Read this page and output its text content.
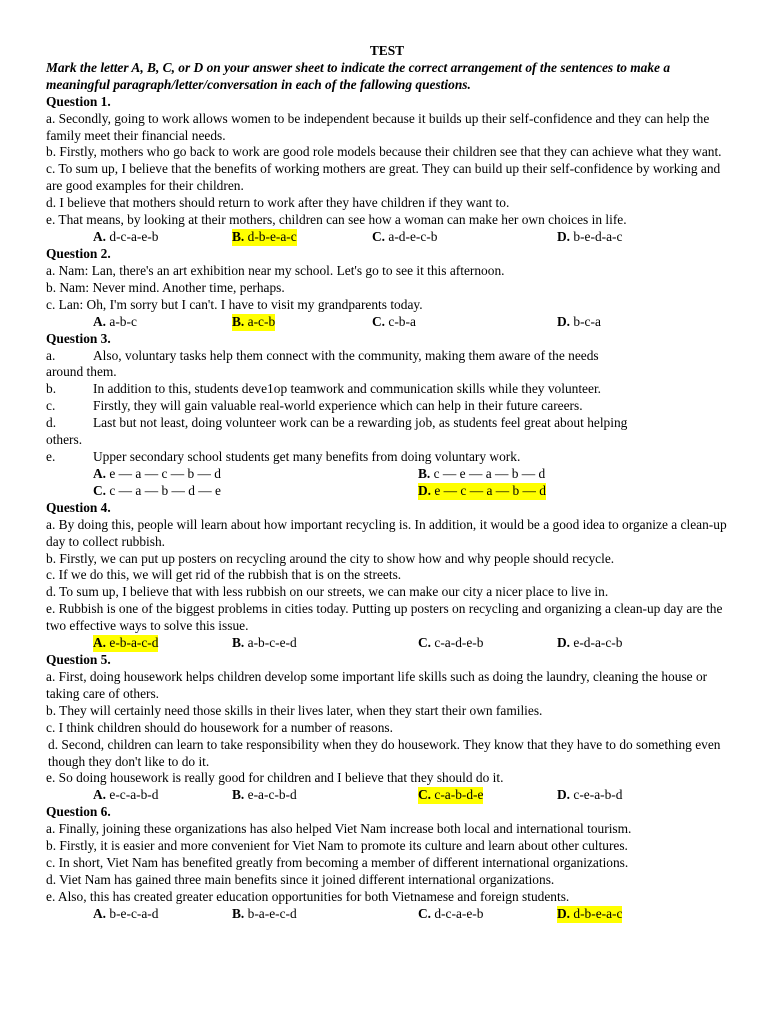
TEST

Mark the letter A, B, C, or D on your answer sheet to indicate the correct arrangement of the sentences to make a meaningful paragraph/letter/conversation in each of the fallowing questions.

Question 1.

a. Secondly, going to work allows women to be independent because it builds up their self-confidence and they can help the family meet their financial needs.

b. Firstly, mothers who go back to work are good role models because their children see that they can achieve what they want.

c. To sum up, I believe that the benefits of working mothers are great. They can build up their self-confidence by working and are good examples for their children.

d. I believe that mothers should return to work after they have children if they want to.

e. That means, by looking at their mothers, children can see how a woman can make her own choices in life.

A. d-c-a-e-b	B. d-b-e-a-c	C. a-d-e-c-b	D. b-e-d-a-c

Question 2.

a. Nam: Lan, there's an art exhibition near my school. Let's go to see it this afternoon.

b. Nam: Never mind. Another time, perhaps.

c. Lan: Oh, I'm sorry but I can't. I have to visit my grandparents today.

A. a-b-c	B. a-c-b	C. c-b-a	D. b-c-a

Question 3.

a.	Also, voluntary tasks help them connect with the community, making them aware of the needs

around them.

b.	In addition to this, students deve1op teamwork and communication skills while they volunteer.

c.	Firstly, they will gain valuable real-world experience which can help in their future careers.

d.	Last but not least, doing volunteer work can be a rewarding job, as students feel great about helping

others.

e.	Upper secondary school students get many benefits from doing voluntary work.

A. e — a — c — b — d	B. c — e — a — b — d
C. c — a — b — d — e	D. e — c — a — b — d

Question 4.

a. By doing this, people will learn about how important recycling is. In addition, it would be a good idea to organize a clean-up day to collect rubbish.

b. Firstly, we can put up posters on recycling around the city to show how and why people should recycle.

c. If we do this, we will get rid of the rubbish that is on the streets.

d. To sum up, I believe that with less rubbish on our streets, we can make our city a nicer place to live in.

e. Rubbish is one of the biggest problems in cities today. Putting up posters on recycling and organizing a clean-up day are the two effective ways to solve this issue.

A. e-b-a-c-d	B. a-b-c-e-d	C. c-a-d-e-b	D. e-d-a-c-b

Question 5.

a. First, doing housework helps children develop some important life skills such as doing the laundry, cleaning the house or taking care of others.

b. They will certainly need those skills in their lives later, when they start their own families.

c. I think children should do housework for a number of reasons.

d. Second, children can learn to take responsibility when they do housework. They know that they have to do something even though they don't like to do it.

e. So doing housework is really good for children and I believe that they should do it.

A. e-c-a-b-d	B. e-a-c-b-d	C. c-a-b-d-e	D. c-e-a-b-d

Question 6.

a. Finally, joining these organizations has also helped Viet Nam increase both local and international tourism.

b. Firstly, it is easier and more convenient for Viet Nam to promote its culture and learn about other cultures.

c. In short, Viet Nam has benefited greatly from becoming a member of different international organizations.

d. Viet Nam has gained three main benefits since it joined different international organizations.

e. Also, this has created greater education opportunities for both Vietnamese and foreign students.

A. b-e-c-a-d	B. b-a-e-c-d	C. d-c-a-e-b	D. d-b-e-a-c
